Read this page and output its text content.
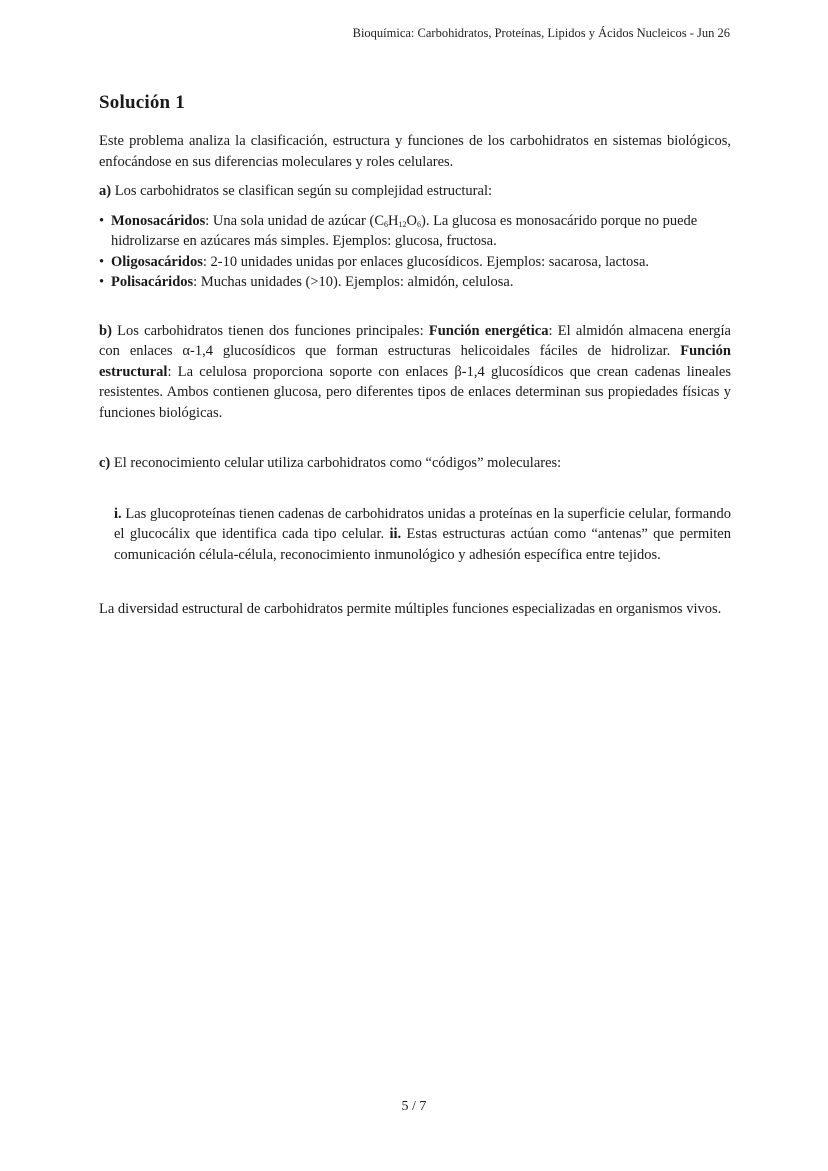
Bioquímica: Carbohidratos, Proteínas, Lipidos y Ácidos Nucleicos - Jun 26
Solución 1

Este problema analiza la clasificación, estructura y funciones de los carbohidratos en sistemas biológicos, enfocándose en sus diferencias moleculares y roles celulares.

a) Los carbohidratos se clasifican según su complejidad estructural:

• Monosacáridos: Una sola unidad de azúcar $(C_6H_{12}O_6)$. La glucosa es monosacárido porque no puede hidrolizarse en azúcares más simples. Ejemplos: glucosa, fructosa.
• Oligosacáridos: 2-10 unidades unidas por enlaces glucosídicos. Ejemplos: sacarosa, lactosa.
• Polisacáridos: Muchas unidades (>10). Ejemplos: almidón, celulosa.

b) Los carbohidratos tienen dos funciones principales: Función energética: El almidón almacena energía con enlaces α-1,4 glucosídicos que forman estructuras helicoidales fáciles de hidrolizar. Función estructural: La celulosa proporciona soporte con enlaces β-1,4 glucosídicos que crean cadenas lineales resistentes. Ambos contienen glucosa, pero diferentes tipos de enlaces determinan sus propiedades físicas y funciones biológicas.

c) El reconocimiento celular utiliza carbohidratos como “códigos” moleculares:

i. Las glucoproteínas tienen cadenas de carbohidratos unidas a proteínas en la superficie celular, formando el glucocálix que identifica cada tipo celular. ii. Estas estructuras actúan como “antenas” que permiten comunicación célula-célula, reconocimiento inmunológico y adhesión específica entre tejidos.

La diversidad estructural de carbohidratos permite múltiples funciones especializadas en organismos vivos.

5 / 7
